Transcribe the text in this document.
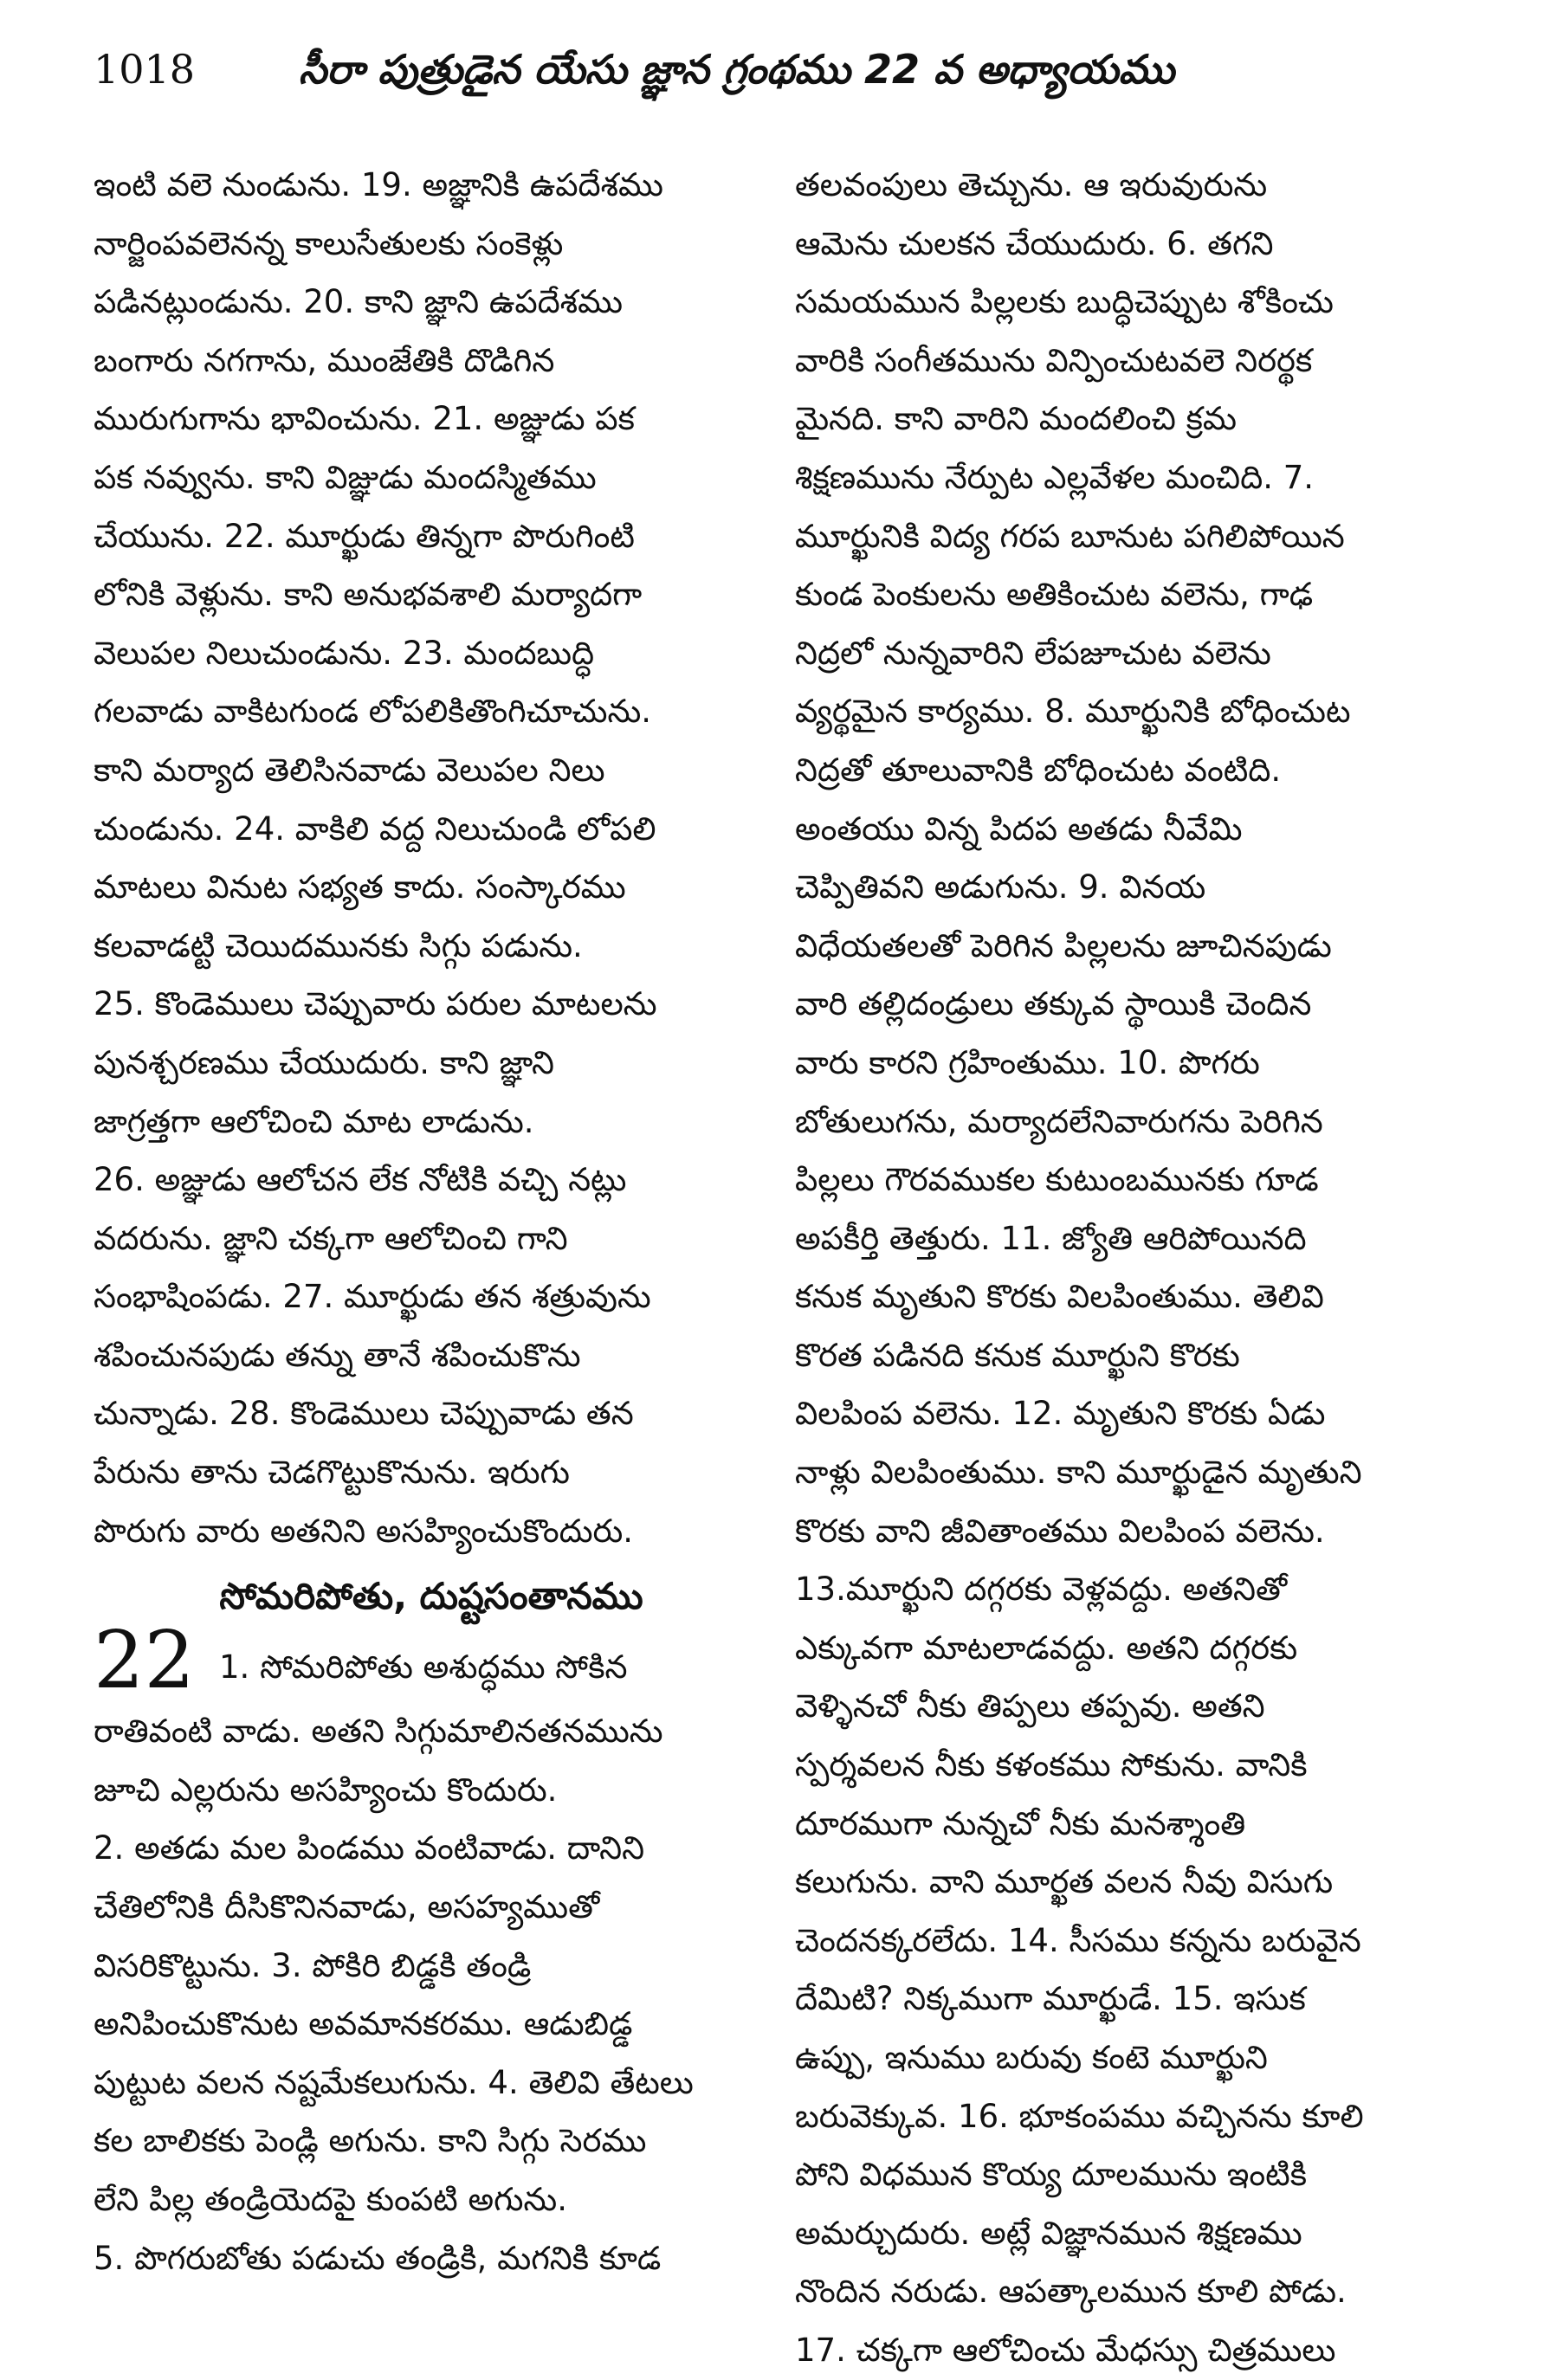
1018	సీరా పుత్రుడైన యేసు జ్ఞాన గ్రంథము 22 వ అధ్యాయము
ఇంటి వలె నుండును. 19. అజ్ఞానికి ఉపదేశము
నార్జింపవలెనన్న కాలుసేతులకు సంకెళ్లు
పడినట్లుండును. 20. కాని జ్ఞాని ఉపదేశము
బంగారు నగగాను, ముంజేతికి దొడిగిన
మురుగుగాను భావించును. 21. అజ్ఞుడు పక
పక నవ్వును. కాని విజ్ఞుడు మందస్మితము
చేయును. 22. మూర్ఖుడు తిన్నగా పొరుగింటి
లోనికి వెళ్లును. కాని అనుభవశాలి మర్యాదగా
వెలుపల నిలుచుండును. 23. మందబుద్ధి
గలవాడు వాకిటగుండ లోపలికితొంగిచూచును.
కాని మర్యాద తెలిసినవాడు వెలుపల నిలు
చుండును. 24. వాకిలి వద్ద నిలుచుండి లోపలి
మాటలు వినుట సభ్యత కాదు. సంస్కారము
కలవాడట్టి చెయిదమునకు సిగ్గు పడును.
25. కొండెములు చెప్పువారు పరుల మాటలను
పునశ్చరణము చేయుదురు. కాని జ్ఞాని
జాగ్రత్తగా ఆలోచించి మాట లాడును.
26. అజ్ఞుడు ఆలోచన లేక నోటికి వచ్చి నట్లు
వదరును. జ్ఞాని చక్కగా ఆలోచించి గాని
సంభాషింపడు. 27. మూర్ఖుడు తన శత్రువును
శపించునపుడు తన్ను తానే శపించుకొను
చున్నాడు. 28. కొండెములు చెప్పువాడు తన
పేరును తాను చెడగొట్టుకొనును. ఇరుగు
పొరుగు వారు అతనిని అసహ్యించుకొందురు.
సోమరిపోతు, దుష్టసంతానము
22 1. సోమరిపోతు అశుద్ధము సోకిన
రాతివంటి వాడు. అతని సిగ్గుమాలినతనమును
జూచి ఎల్లరును అసహ్యించు కొందురు.
2. అతడు మల పిండము వంటివాడు. దానిని
చేతిలోనికి దీసికొనినవాడు, అసహ్యముతో
విసరికొట్టును. 3. పోకిరి బిడ్డకి తండ్రి
అనిపించుకొనుట అవమానకరము. ఆడుబిడ్డ
పుట్టుట వలన నష్టమేకలుగును. 4. తెలివి తేటలు
కల బాలికకు పెండ్లి అగును. కాని సిగ్గు సెరము
లేని పిల్ల తండ్రియెదపై కుంపటి అగును.
5. పొగరుబోతు పడుచు తండ్రికి, మగనికి కూడ
తలవంపులు తెచ్చును. ఆ ఇరువురును
ఆమెను చులకన చేయుదురు. 6. తగని
సమయమున పిల్లలకు బుద్ధిచెప్పుట శోకించు
వారికి సంగీతమును విన్పించుటవలె నిరర్థక
మైనది. కాని వారిని మందలించి క్రమ
శిక్షణమును నేర్పుట ఎల్లవేళల మంచిది. 7.
మూర్ఖునికి విద్య గరప బూనుట పగిలిపోయిన
కుండ పెంకులను అతికించుట వలెను, గాఢ
నిద్రలో నున్నవారిని లేపజూచుట వలెను
వ్యర్థమైన కార్యము. 8. మూర్ఖునికి బోధించుట
నిద్రతో తూలువానికి బోధించుట వంటిది.
అంతయు విన్న పిదప అతడు నీవేమి
చెప్పితివని అడుగును. 9. వినయ
విధేయతలతో పెరిగిన పిల్లలను జూచినపుడు
వారి తల్లిదండ్రులు తక్కువ స్థాయికి చెందిన
వారు కారని గ్రహింతుము. 10. పొగరు
బోతులుగను, మర్యాదలేనివారుగను పెరిగిన
పిల్లలు గౌరవముకల కుటుంబమునకు గూడ
అపకీర్తి తెత్తురు. 11. జ్యోతి ఆరిపోయినది
కనుక మృతుని కొరకు విలపింతుము. తెలివి
కొరత పడినది కనుక మూర్ఖుని కొరకు
విలపింప వలెను. 12. మృతుని కొరకు ఏడు
నాళ్లు విలపింతుము. కాని మూర్ఖుడైన మృతుని
కొరకు వాని జీవితాంతము విలపింప వలెను.
13.మూర్ఖుని దగ్గరకు వెళ్లవద్దు. అతనితో
ఎక్కువగా మాటలాడవద్దు. అతని దగ్గరకు
వెళ్ళినచో నీకు తిప్పలు తప్పవు. అతని
స్పర్శవలన నీకు కళంకము సోకును. వానికి
దూరముగా నున్నచో నీకు మనశ్శాంతి
కలుగును. వాని మూర్ఖత వలన నీవు విసుగు
చెందనక్కరలేదు. 14. సీసము కన్నను బరువైన
దేమిటి? నిక్కముగా మూర్ఖుడే. 15. ఇసుక
ఉప్పు, ఇనుము బరువు కంటె మూర్ఖుని
బరువెక్కువ. 16. భూకంపము వచ్చినను కూలి
పోని విధమున కొయ్య దూలమును ఇంటికి
అమర్చుదురు. అట్లే విజ్ఞానమున శిక్షణము
నొందిన నరుడు. ఆపత్కాలమున కూలి పోడు.
17. చక్కగా ఆలోచించు మేధస్సు చిత్రములు
